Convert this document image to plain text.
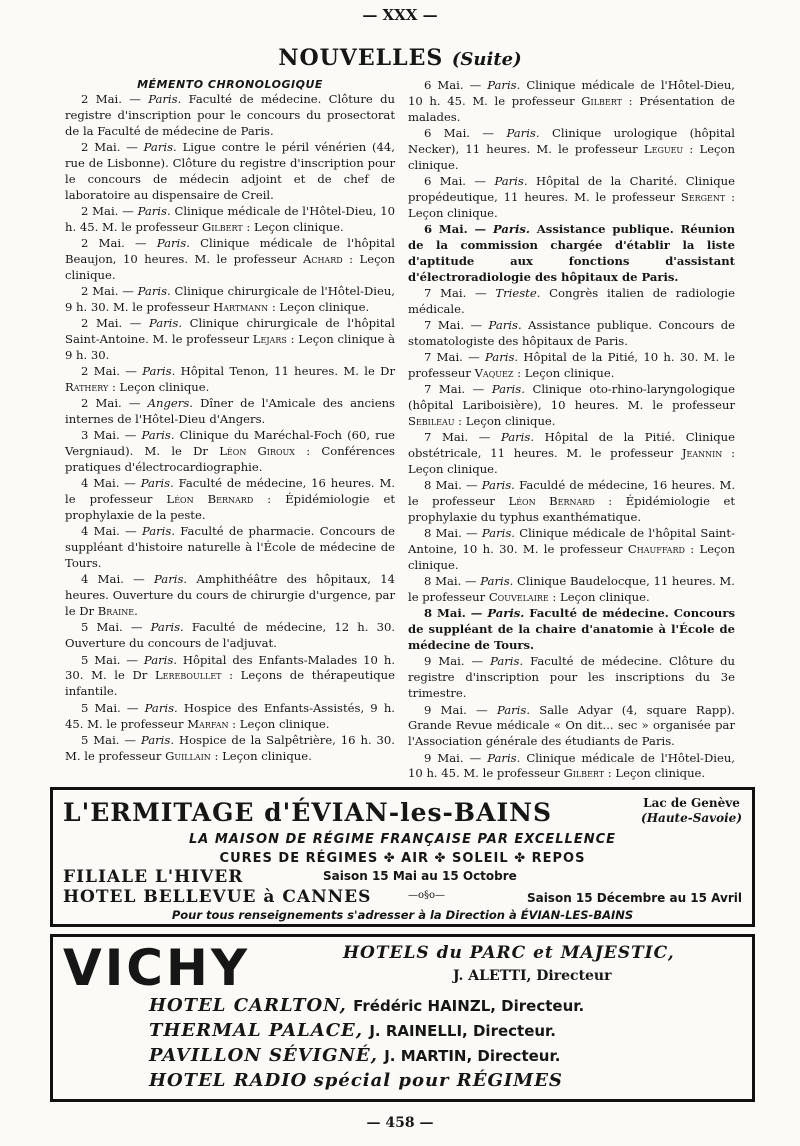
— XXX —
NOUVELLES (Suite)
MÉMENTO CHRONOLOGIQUE
2 Mai. — Paris. Faculté de médecine. Clôture du registre d'inscription pour le concours du prosectorat de la Faculté de médecine de Paris.
2 Mai. — Paris. Ligue contre le péril vénérien (44, rue de Lisbonne). Clôture du registre d'inscription pour le concours de médecin adjoint et de chef de laboratoire au dispensaire de Creil.
2 Mai. — Paris. Clinique médicale de l'Hôtel-Dieu, 10 h. 45. M. le professeur Gilbert : Leçon clinique.
2 Mai. — Paris. Clinique médicale de l'hôpital Beaujon, 10 heures. M. le professeur Achard : Leçon clinique.
2 Mai. — Paris. Clinique chirurgicale de l'Hôtel-Dieu, 9 h. 30. M. le professeur Hartmann : Leçon clinique.
2 Mai. — Paris. Clinique chirurgicale de l'hôpital Saint-Antoine. M. le professeur Lejars : Leçon clinique à 9 h. 30.
2 Mai. — Paris. Hôpital Tenon, 11 heures. M. le Dr Rathery : Leçon clinique.
2 Mai. — Angers. Dîner de l'Amicale des anciens internes de l'Hôtel-Dieu d'Angers.
3 Mai. — Paris. Clinique du Maréchal-Foch (60, rue Vergniaud). M. le Dr Léon Giroux : Conférences pratiques d'électrocardiographie.
4 Mai. — Paris. Faculté de médecine, 16 heures. M. le professeur Léon Bernard : Épidémiologie et prophylaxie de la peste.
4 Mai. — Paris. Faculté de pharmacie. Concours de suppléant d'histoire naturelle à l'École de médecine de Tours.
4 Mai. — Paris. Amphithéâtre des hôpitaux, 14 heures. Ouverture du cours de chirurgie d'urgence, par le Dr Braine.
5 Mai. — Paris. Faculté de médecine, 12 h. 30. Ouverture du concours de l'adjuvat.
5 Mai. — Paris. Hôpital des Enfants-Malades 10 h. 30. M. le Dr Lereboullet : Leçons de thérapeutique infantile.
5 Mai. — Paris. Hospice des Enfants-Assistés, 9 h. 45. M. le professeur Marfan : Leçon clinique.
5 Mai. — Paris. Hospice de la Salpêtrière, 16 h. 30. M. le professeur Guillain : Leçon clinique.
6 Mai. — Paris. Clinique médicale de l'Hôtel-Dieu, 10 h. 45. M. le professeur Gilbert : Présentation de malades.
6 Mai. — Paris. Clinique urologique (hôpital Necker), 11 heures. M. le professeur Legueu : Leçon clinique.
6 Mai. — Paris. Hôpital de la Charité. Clinique propédeutique, 11 heures. M. le professeur Sergent : Leçon clinique.
6 Mai. — Paris. Assistance publique. Réunion de la commission chargée d'établir la liste d'aptitude aux fonctions d'assistant d'électroradiologie des hôpitaux de Paris.
7 Mai. — Trieste. Congrès italien de radiologie médicale.
7 Mai. — Paris. Assistance publique. Concours de stomatologiste des hôpitaux de Paris.
7 Mai. — Paris. Hôpital de la Pitié, 10 h. 30. M. le professeur Vaquez : Leçon clinique.
7 Mai. — Paris. Clinique oto-rhino-laryngologique (hôpital Lariboisière), 10 heures. M. le professeur Sebileau : Leçon clinique.
7 Mai. — Paris. Hôpital de la Pitié. Clinique obstétricale, 11 heures. M. le professeur Jeannin : Leçon clinique.
8 Mai. — Paris. Faculdé de médecine, 16 heures. M. le professeur Léon Bernard : Épidémiologie et prophylaxie du typhus exanthématique.
8 Mai. — Paris. Clinique médicale de l'hôpital Saint-Antoine, 10 h. 30. M. le professeur Chauffard : Leçon clinique.
8 Mai. — Paris. Clinique Baudelocque, 11 heures. M. le professeur Couvelaire : Leçon clinique.
8 Mai. — Paris. Faculté de médecine. Concours de suppléant de la chaire d'anatomie à l'École de médecine de Tours.
9 Mai. — Paris. Faculté de médecine. Clôture du registre d'inscription pour les inscriptions du 3e trimestre.
9 Mai. — Paris. Salle Adyar (4, square Rapp). Grande Revue médicale « On dit... sec » organisée par l'Association générale des étudiants de Paris.
9 Mai. — Paris. Clinique médicale de l'Hôtel-Dieu, 10 h. 45. M. le professeur Gilbert : Leçon clinique.
L'ERMITAGE d'ÉVIAN-les-BAINS	Lac de Genève
(Haute-Savoie)
LA MAISON DE RÉGIME FRANÇAISE PAR EXCELLENCE
CURES DE RÉGIMES ✤ AIR ✤ SOLEIL ✤ REPOS
FILIALE L'HIVER	Saison 15 Mai au 15 Octobre
HOTEL BELLEVUE à CANNES	—o§o—	Saison 15 Décembre au 15 Avril
Pour tous renseignements s'adresser à la Direction à ÉVIAN-LES-BAINS
VICHY	HOTELS du PARC et MAJESTIC,
J. ALETTI, Directeur
HOTEL CARLTON, Frédéric HAINZL, Directeur.
THERMAL PALACE, J. RAINELLI, Directeur.
PAVILLON SÉVIGNÉ, J. MARTIN, Directeur.
HOTEL RADIO spécial pour RÉGIMES
— 458 —
